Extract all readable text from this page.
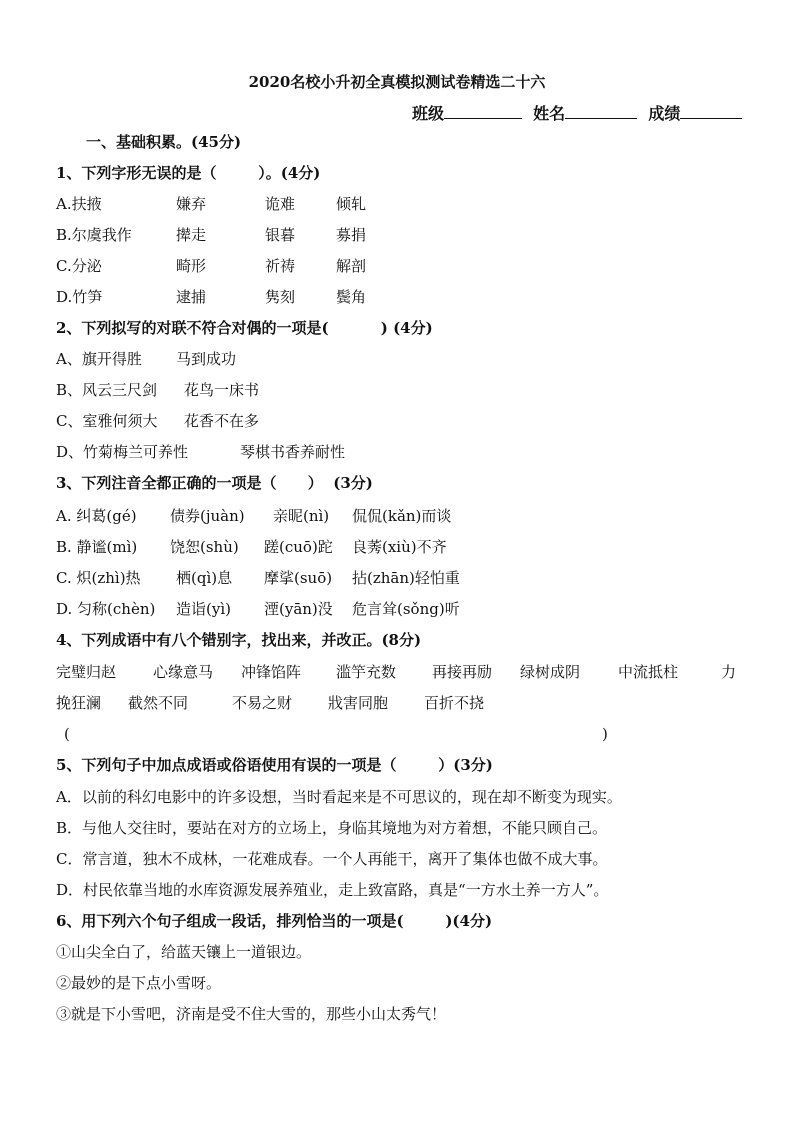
2020名校小升初全真模拟测试卷精选二十六
班级	姓名	成绩
一、基础积累。(45分)
1、下列字形无误的是（        ）。(4分)
A.扶掖	嫌弃	诡难	倾轧
B.尔虞我作	撵走	银暮	募捐
C.分泌	畸形	祈祷	解剖
D.竹笋	逮捕	隽刻	鬓角
2、下列拟写的对联不符合对偶的一项是(          ) (4分)
A、旗开得胜 马到成功
B、风云三尺剑 花鸟一床书
C、室雅何须大 花香不在多
D、竹菊梅兰可养性	琴棋书香养耐性
3、下列注音全都正确的一项是（      ）  (3分)
A. 纠葛(gé) 债券(juàn) 亲昵(nì) 侃侃(kǎn)而谈
B. 静谧(mì) 饶恕(shù) 蹉(cuō)跎 良莠(xiù)不齐
C. 炽(zhì)热 栖(qì)息 摩挲(suō) 拈(zhān)轻怕重
D. 匀称(chèn) 造诣(yì) 湮(yān)没 危言耸(sǒng)听
4、下列成语中有八个错别字，找出来，并改正。(8分)
完璧归赵 心缘意马 冲锋馅阵 滥竽充数 再接再励 绿树成阴	中流抵柱	力
挽狂澜 截然不同	不易之财 戕害同胞 百折不挠
(	)
5、下列句子中加点成语或俗语使用有误的一项是（        ）(3分)
A．以前的科幻电影中的许多设想，当时看起来是不可思议的，现在却不断变为现实。
B．与他人交往时，要站在对方的立场上，身临其境地为对方着想，不能只顾自己。
C．常言道，独木不成林，一花难成春。一个人再能干，离开了集体也做不成大事。
D．村民依靠当地的水库资源发展养殖业，走上致富路，真是“一方水土养一方人”。
6、用下列六个句子组成一段话，排列恰当的一项是(        )(4分)
①山尖全白了，给蓝天镶上一道银边。
②最妙的是下点小雪呀。
③就是下小雪吧，济南是受不住大雪的，那些小山太秀气！
